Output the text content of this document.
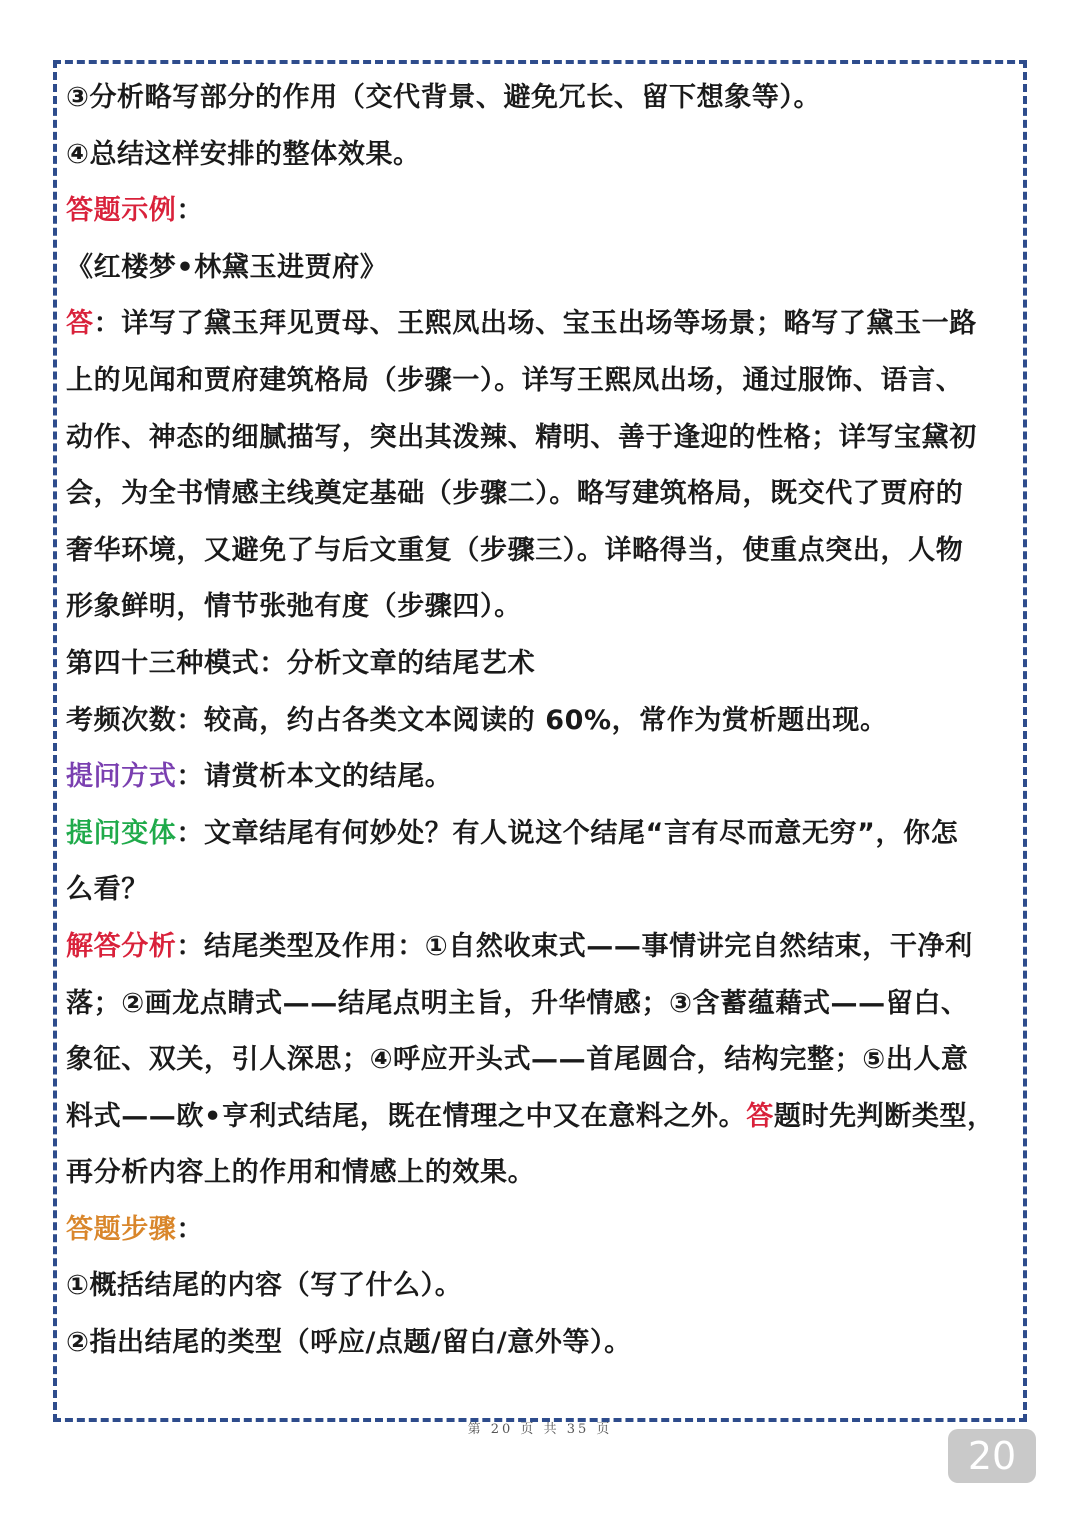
③分析略写部分的作用（交代背景、避免冗长、留下想象等）。
④总结这样安排的整体效果。
答题示例：
《红楼梦•林黛玉进贾府》
答：详写了黛玉拜见贾母、王熙凤出场、宝玉出场等场景；略写了黛玉一路
上的见闻和贾府建筑格局（步骤一）。详写王熙凤出场，通过服饰、语言、
动作、神态的细腻描写，突出其泼辣、精明、善于逢迎的性格；详写宝黛初
会，为全书情感主线奠定基础（步骤二）。略写建筑格局，既交代了贾府的
奢华环境，又避免了与后文重复（步骤三）。详略得当，使重点突出，人物
形象鲜明，情节张弛有度（步骤四）。
第四十三种模式：分析文章的结尾艺术
考频次数：较高，约占各类文本阅读的 60%，常作为赏析题出现。
提问方式：请赏析本文的结尾。
提问变体：文章结尾有何妙处？有人说这个结尾“言有尽而意无穷”，你怎
么看？
解答分析：结尾类型及作用：①自然收束式——事情讲完自然结束，干净利
落；②画龙点睛式——结尾点明主旨，升华情感；③含蓄蕴藉式——留白、
象征、双关，引人深思；④呼应开头式——首尾圆合，结构完整；⑤出人意
料式——欧•亨利式结尾，既在情理之中又在意料之外。答题时先判断类型，
再分析内容上的作用和情感上的效果。
答题步骤：
①概括结尾的内容（写了什么）。
②指出结尾的类型（呼应/点题/留白/意外等）。
第 20 页 共 35 页
20
